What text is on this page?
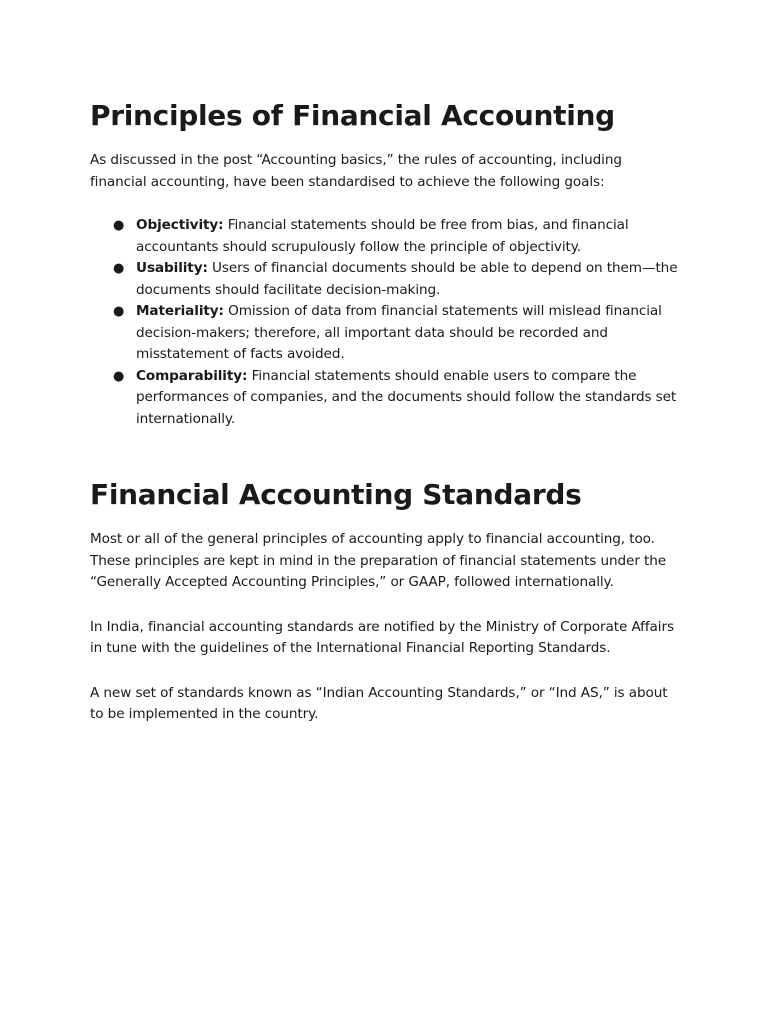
Principles of Financial Accounting

As discussed in the post “Accounting basics,” the rules of accounting, including financial accounting, have been standardised to achieve the following goals:

● Objectivity: Financial statements should be free from bias, and financial accountants should scrupulously follow the principle of objectivity.
● Usability: Users of financial documents should be able to depend on them—the documents should facilitate decision-making.
● Materiality: Omission of data from financial statements will mislead financial decision-makers; therefore, all important data should be recorded and misstatement of facts avoided.
● Comparability: Financial statements should enable users to compare the performances of companies, and the documents should follow the standards set internationally.
Financial Accounting Standards

Most or all of the general principles of accounting apply to financial accounting, too. These principles are kept in mind in the preparation of financial statements under the “Generally Accepted Accounting Principles,” or GAAP, followed internationally.

In India, financial accounting standards are notified by the Ministry of Corporate Affairs in tune with the guidelines of the International Financial Reporting Standards.

A new set of standards known as “Indian Accounting Standards,” or “Ind AS,” is about to be implemented in the country.
